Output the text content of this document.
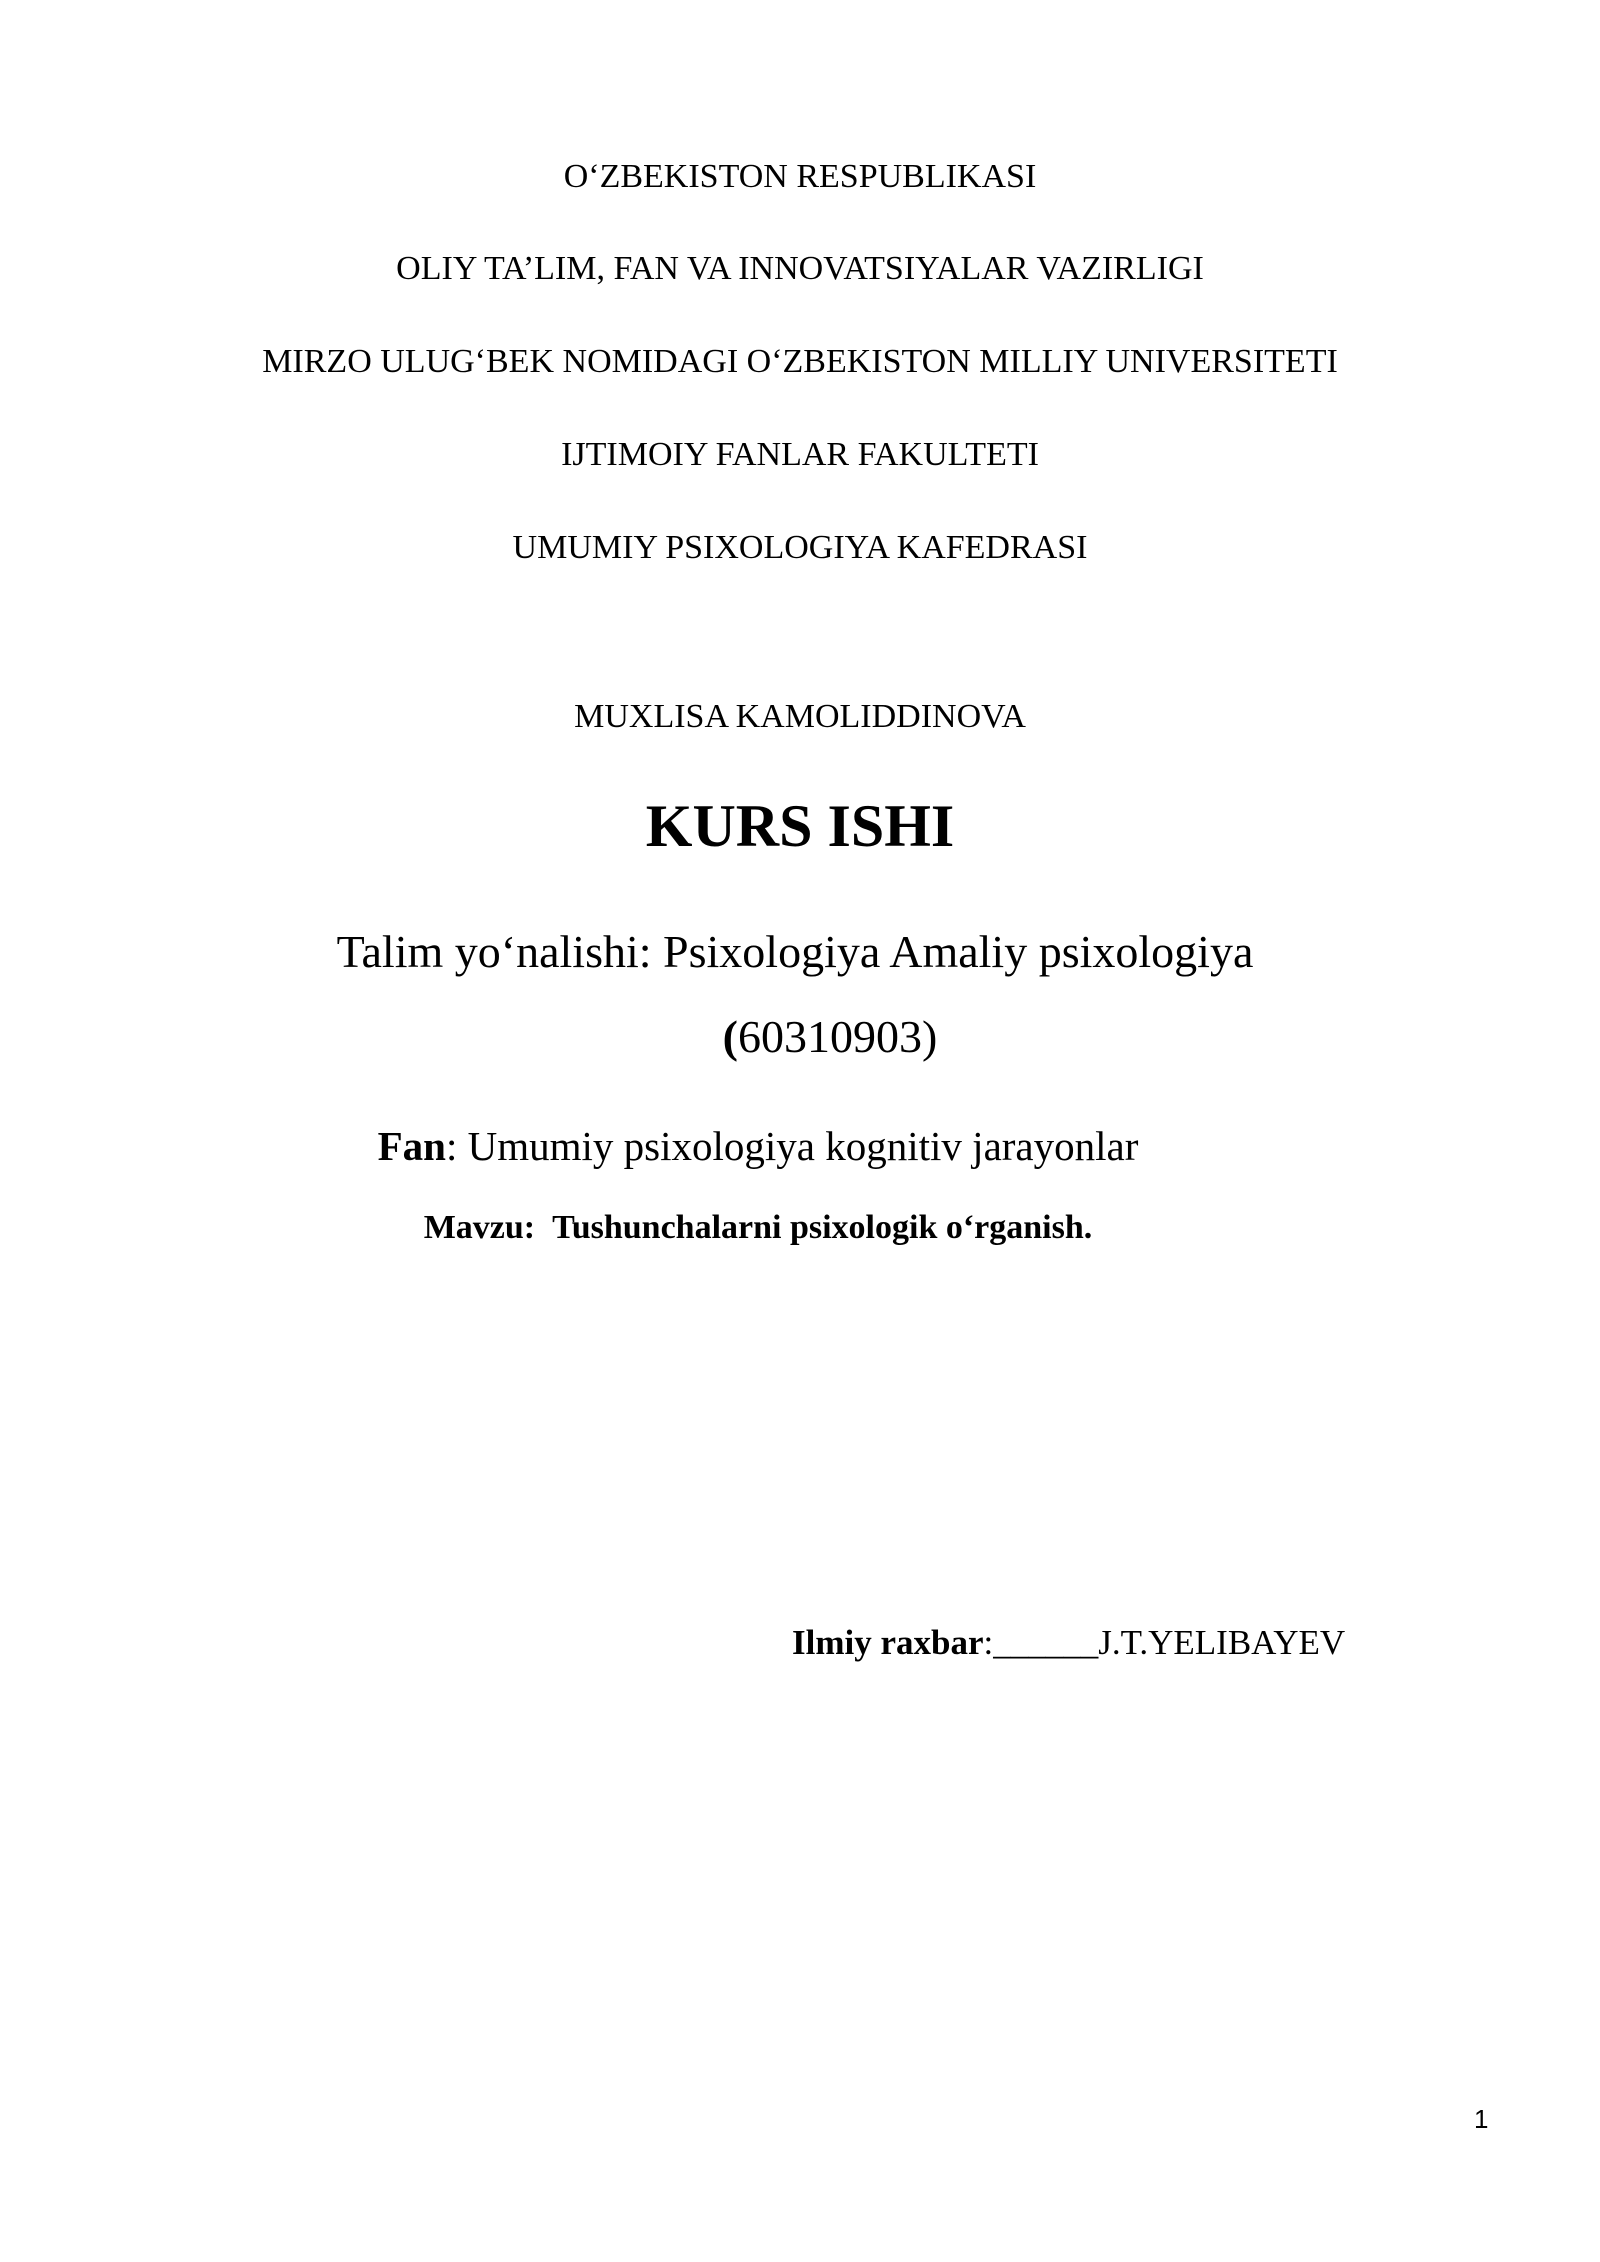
O‘ZBEKISTON RESPUBLIKASI
OLIY TA’LIM, FAN VA INNOVATSIYALAR VAZIRLIGI
MIRZO ULUG‘BEK NOMIDAGI O‘ZBEKISTON MILLIY UNIVERSITETI
IJTIMOIY FANLAR FAKULTETI
UMUMIY PSIXOLOGIYA KAFEDRASI
MUXLISA KAMOLIDDINOVA
KURS ISHI
Talim yo‘nalishi: Psixologiya Amaliy psixologiya
(60310903)
Fan: Umumiy psixologiya kognitiv jarayonlar
Mavzu: Tushunchalarni psixologik o‘rganish.
Ilmiy raxbar:______J.T.YELIBAYEV
1
